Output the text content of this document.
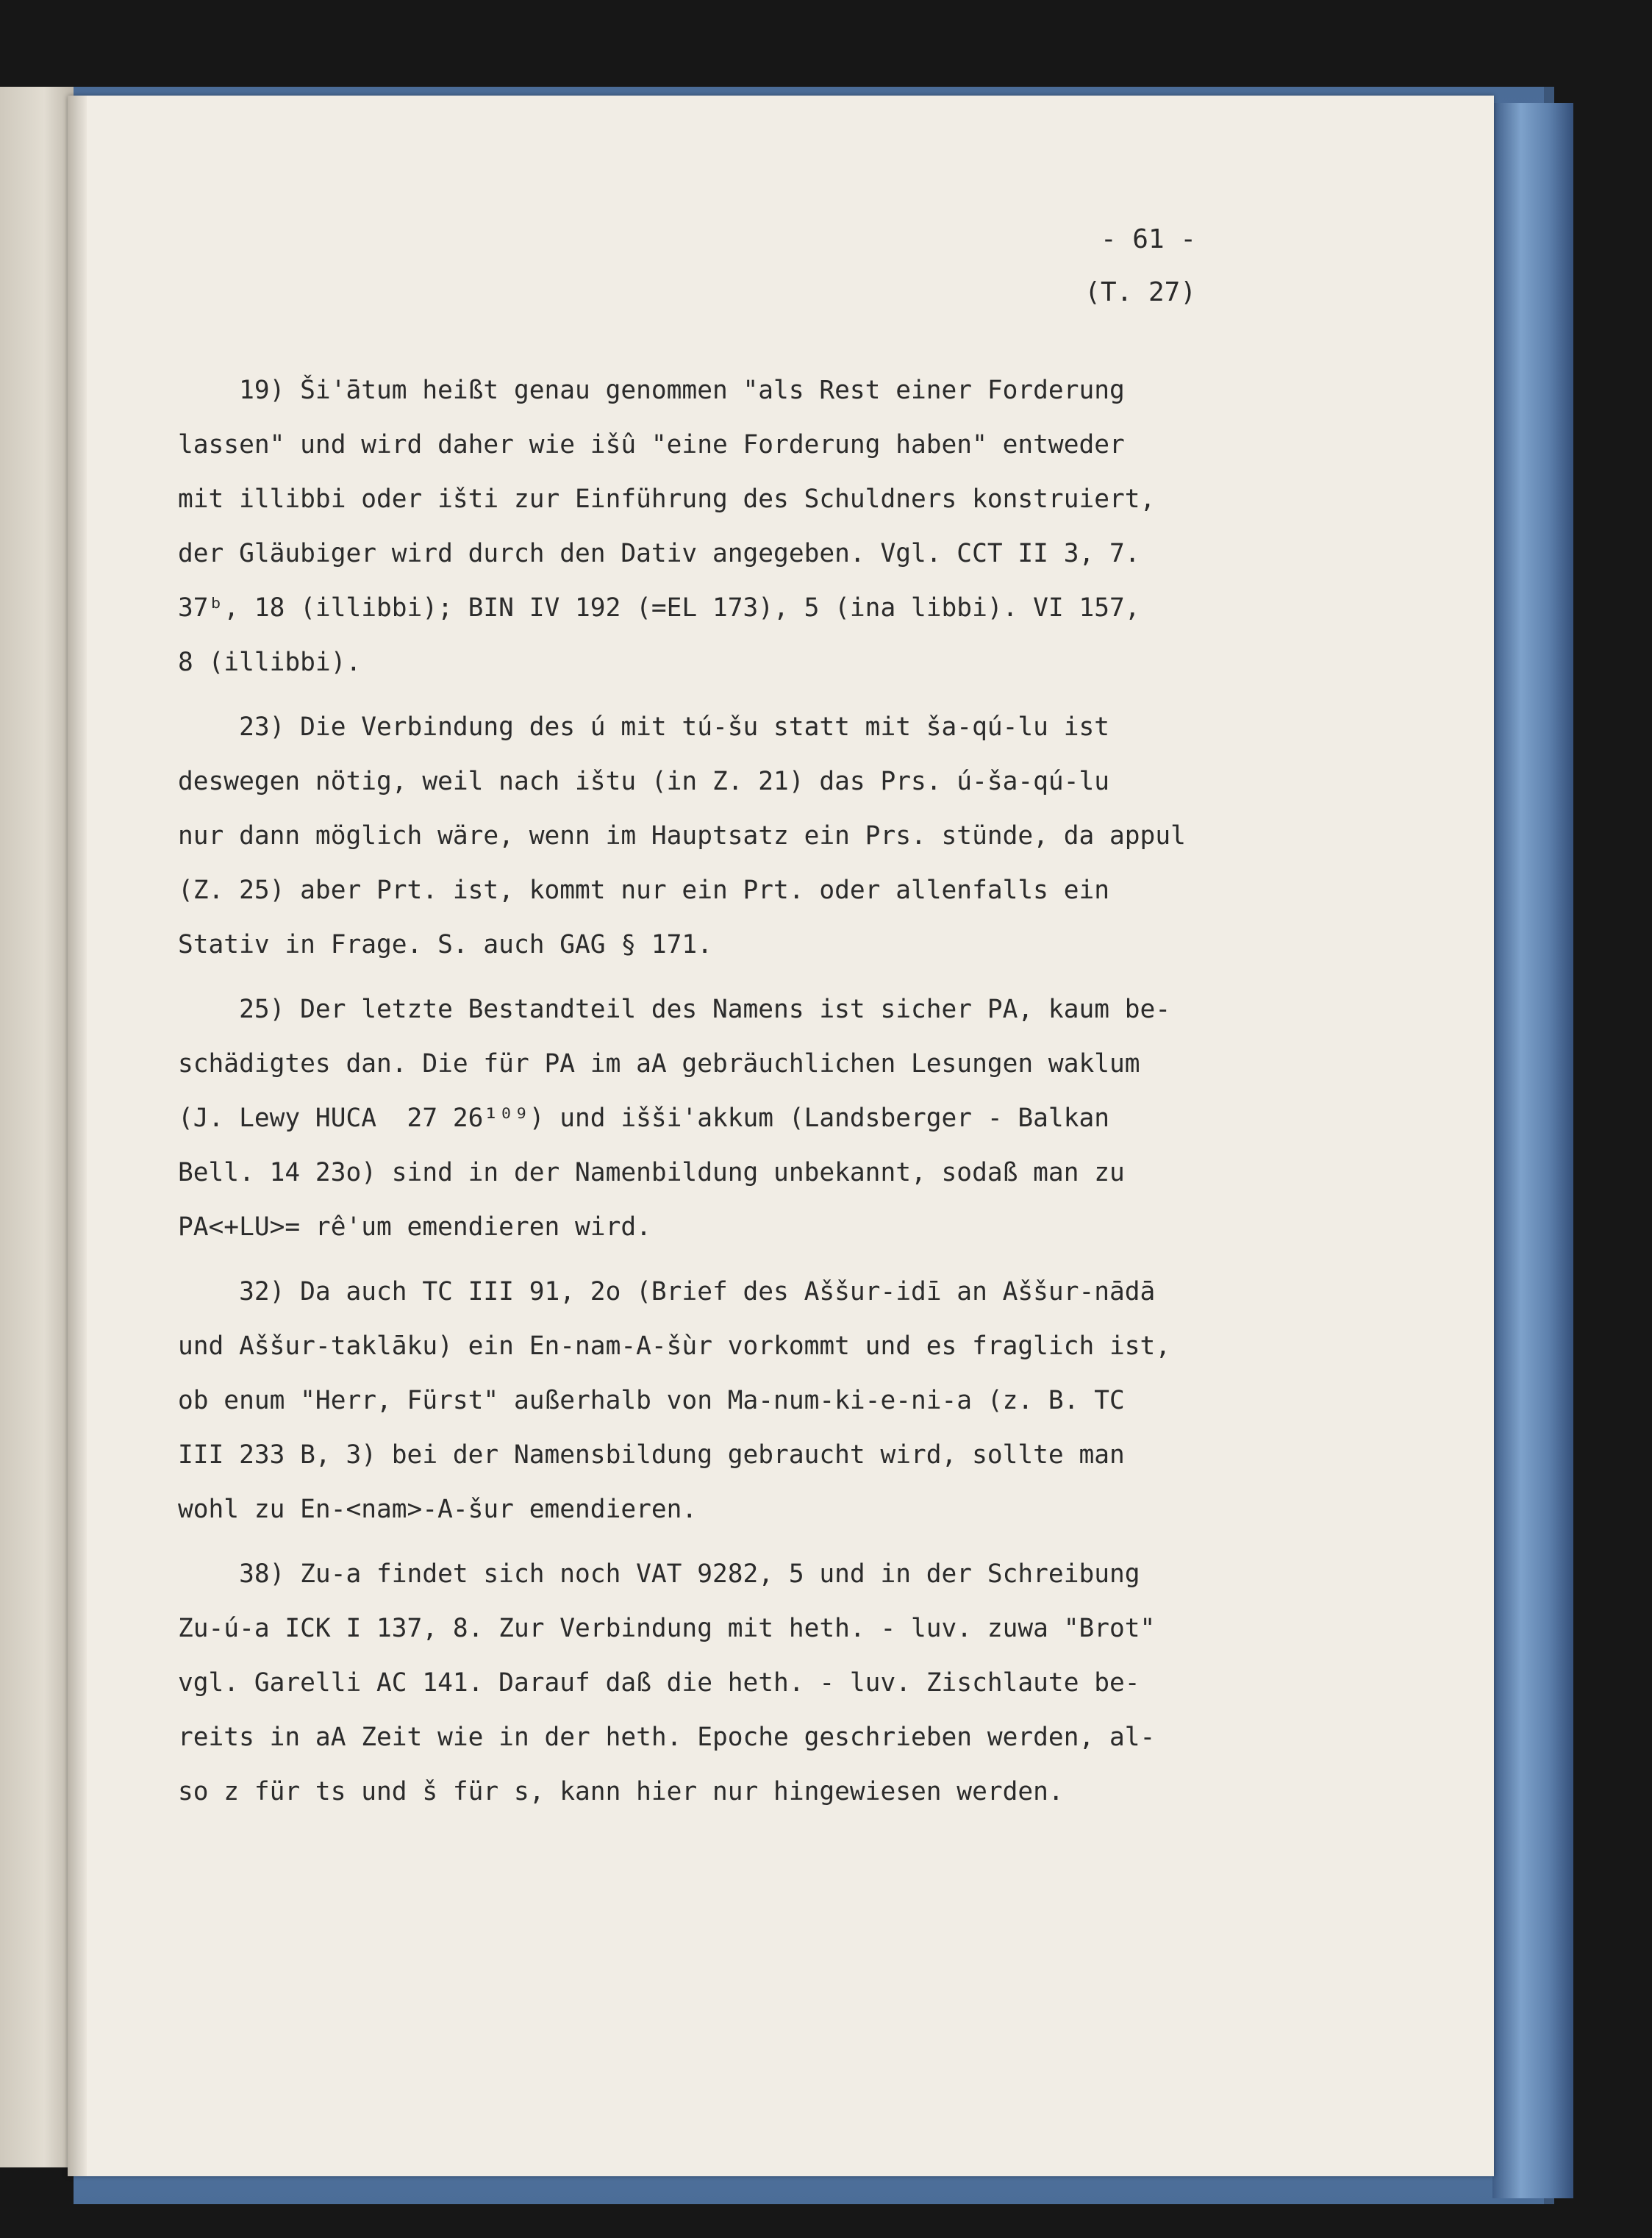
- 61 -
(T. 27)
19) Ši'ātum heißt genau genommen "als Rest einer Forderung
lassen" und wird daher wie išû "eine Forderung haben" entweder
mit illibbi oder išti zur Einführung des Schuldners konstruiert,
der Gläubiger wird durch den Dativ angegeben. Vgl. CCT II 3, 7.
37ᵇ, 18 (illibbi); BIN IV 192 (=EL 173), 5 (ina libbi). VI 157,
8 (illibbi).
23) Die Verbindung des ú mit tú-šu statt mit ša-qú-lu ist
deswegen nötig, weil nach ištu (in Z. 21) das Prs. ú-ša-qú-lu
nur dann möglich wäre, wenn im Hauptsatz ein Prs. stünde, da appul
(Z. 25) aber Prt. ist, kommt nur ein Prt. oder allenfalls ein
Stativ in Frage. S. auch GAG § 171.
25) Der letzte Bestandteil des Namens ist sicher PA, kaum be-
schädigtes dan. Die für PA im aA gebräuchlichen Lesungen waklum
(J. Lewy HUCA  27 26¹⁰⁹) und išši'akkum (Landsberger - Balkan
Bell. 14 23o) sind in der Namenbildung unbekannt, sodaß man zu
PA<+LU>= rê'um emendieren wird.
32) Da auch TC III 91, 2o (Brief des Aššur-idī an Aššur-nādā
und Aššur-taklāku) ein En-nam-A-šùr vorkommt und es fraglich ist,
ob enum "Herr, Fürst" außerhalb von Ma-num-ki-e-ni-a (z. B. TC
III 233 B, 3) bei der Namensbildung gebraucht wird, sollte man
wohl zu En-<nam>-A-šur emendieren.
38) Zu-a findet sich noch VAT 9282, 5 und in der Schreibung
Zu-ú-a ICK I 137, 8. Zur Verbindung mit heth. - luv. zuwa "Brot"
vgl. Garelli AC 141. Darauf daß die heth. - luv. Zischlaute be-
reits in aA Zeit wie in der heth. Epoche geschrieben werden, al-
so z für ts und š für s, kann hier nur hingewiesen werden.
